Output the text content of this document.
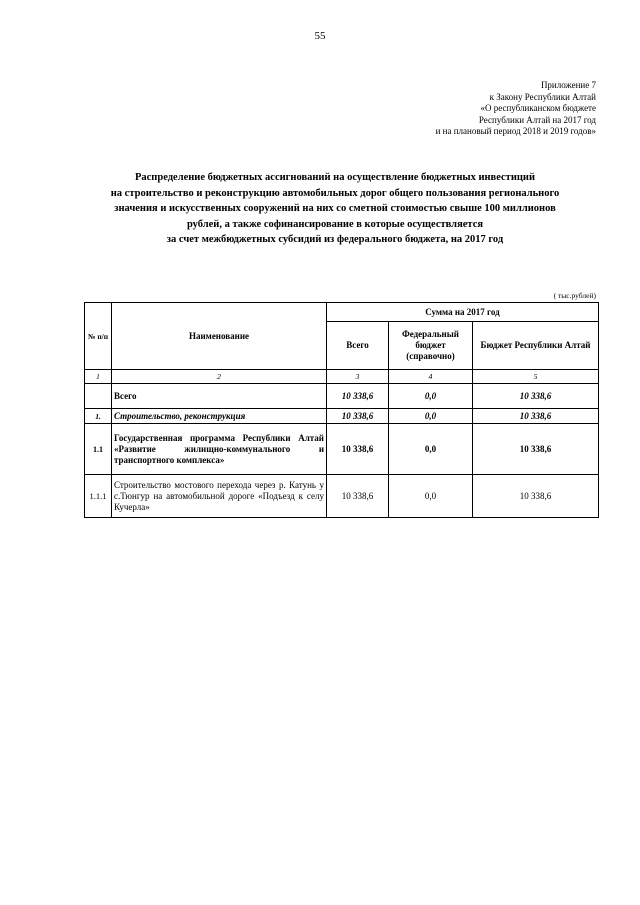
55
Приложение 7
к Закону Республики Алтай
«О республиканском бюджете
Республики Алтай на 2017 год
и на плановый период 2018 и 2019 годов»
Распределение бюджетных ассигнований на осуществление бюджетных инвестиций
на строительство и реконструкцию автомобильных дорог общего пользования регионального
значения и искусственных сооружений на них со сметной стоимостью свыше 100 миллионов
рублей, а также софинансирование в которые осуществляется
за счет межбюджетных субсидий из федерального бюджета, на 2017 год
( тыс.рублей)
№ п/п	Наименование	Сумма на 2017 год		
		Всего	Федеральный бюджет (справочно)	Бюджет Республики Алтай
1	2	3	4	5
	Всего	10 338,6	0,0	10 338,6
1.	Строительство, реконструкция	10 338,6	0,0	10 338,6
1.1	Государственная программа Республики Алтай «Развитие жилищно-коммунального и транспортного комплекса»	10 338,6	0,0	10 338,6
1.1.1	Строительство мостового перехода через р. Катунь у с.Тюнгур на автомобильной дороге «Подъезд к селу Кучерла»	10 338,6	0,0	10 338,6
